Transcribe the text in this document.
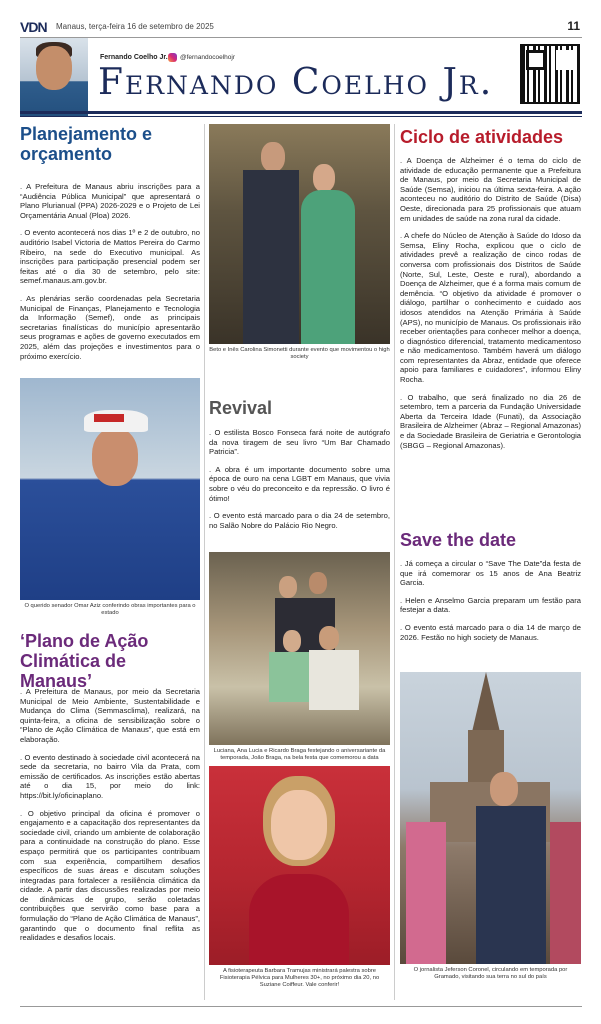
VDN Manaus, terça-feira 16 de setembro de 2025	11
Fernando Coelho Jr. @fernandocoelhojr
Fernando Coelho Jr.
Planejamento e orçamento

. A Prefeitura de Manaus abriu inscrições para a “Audiência Pública Municipal” que apresentará o Plano Plurianual (PPA) 2026-2029 e o Projeto de Lei Orçamentária Anual (Ploa) 2026.

. O evento acontecerá nos dias 1º e 2 de outubro, no auditório Isabel Victoria de Mattos Pereira do Carmo Ribeiro, na sede do Executivo municipal. As inscrições para participação presencial podem ser feitas até o dia 30 de setembro, pelo site: semef.manaus.am.gov.br.

. As plenárias serão coordenadas pela Secretaria Municipal de Finanças, Planejamento e Tecnologia da Informação (Semef), onde as principais secretarias finalísticas do município apresentarão seus programas e ações de governo executados em 2025, além das projeções e investimentos para o próximo exercício.

O querido senador Omar Aziz conferindo obras importantes para o estado
‘Plano de Ação Climática de Manaus’

. A Prefeitura de Manaus, por meio da Secretaria Municipal de Meio Ambiente, Sustentabilidade e Mudança do Clima (Semmasclima), realizará, na quinta-feira, a oficina de sensibilização sobre o “Plano de Ação Climática de Manaus”, que está em elaboração.

. O evento destinado à sociedade civil acontecerá na sede da secretaria, no bairro Vila da Prata, com emissão de certificados. As inscrições estão abertas até o dia 15, por meio do link: https://bit.ly/oficinaplano.

. O objetivo principal da oficina é promover o engajamento e a capacitação dos representantes da sociedade civil, criando um ambiente de colaboração para a continuidade na construção do plano. Esse espaço permitirá que os participantes contribuam com sua experiência, compartilhem desafios específicos de suas áreas e discutam soluções integradas para fortalecer a resiliência climática da cidade. A partir das discussões realizadas por meio de dinâmicas de grupo, serão coletadas contribuições que servirão como base para a formulação do “Plano de Ação Climática de Manaus”, garantindo que o documento final reflita as realidades e desafios locais.

Beto e Inês Carolina Simonetti durante evento que movimentou o high society
Revival

. O estilista Bosco Fonseca fará noite de autógrafo da nova tiragem de seu livro “Um Bar Chamado Patricia”.

. A obra é um importante documento sobre uma época de ouro na cena LGBT em Manaus, que vivia sobre o véu do preconceito e da repressão. O livro é ótimo!

. O evento está marcado para o dia 24 de setembro, no Salão Nobre do Palácio Rio Negro.

Luciana, Ana Lucia e Ricardo Braga festejando o aniversariante da temporada, João Braga, na bela festa que comemorou a data
A fisioterapeuta Barbara Tramujas ministrará palestra sobre Fisioterapia Pélvica para Mulheres 30+, no próximo dia 20, no Suziane Coiffeur. Vale conferir!
Ciclo de atividades

. A Doença de Alzheimer é o tema do ciclo de atividade de educação permanente que a Prefeitura de Manaus, por meio da Secretaria Municipal de Saúde (Semsa), iniciou na última sexta-feira. A ação aconteceu no auditório do Distrito de Saúde (Disa) Oeste, direcionada para 25 profissionais que atuam em unidades de saúde na zona rural da cidade.

. A chefe do Núcleo de Atenção à Saúde do Idoso da Semsa, Eliny Rocha, explicou que o ciclo de atividades prevê a realização de cinco rodas de conversa com profissionais dos Distritos de Saúde (Norte, Sul, Leste, Oeste e rural), abordando a Doença de Alzheimer, que é a forma mais comum de demência. “O objetivo da atividade é promover o diálogo, partilhar o conhecimento e cuidado aos idosos atendidos na Atenção Primária à Saúde (APS), no município de Manaus. Os profissionais irão receber orientações para conhecer melhor a doença, o diagnóstico diferencial, tratamento medicamentoso e não medicamentoso. Também haverá um diálogo com representantes da Abraz, entidade que oferece apoio para familiares e cuidadores”, informou Eliny Rocha.

. O trabalho, que será finalizado no dia 26 de setembro, tem a parceria da Fundação Universidade Aberta da Terceira Idade (Funati), da Associação Brasileira de Alzheimer (Abraz – Regional Amazonas) e da Sociedade Brasileira de Geriatria e Gerontologia (SBGG – Regional Amazonas).

Save the date

. Já começa a circular o “Save The Date”da festa de que irá comemorar os 15 anos de Ana Beatriz Garcia.

. Helen e Anselmo Garcia preparam um festão para festejar a data.

. O evento está marcado para o dia 14 de março de 2026. Festão no high society de Manaus.

O jornalista Jeferson Coronel, circulando em temporada por Gramado, visitando sua terra no sul do país
